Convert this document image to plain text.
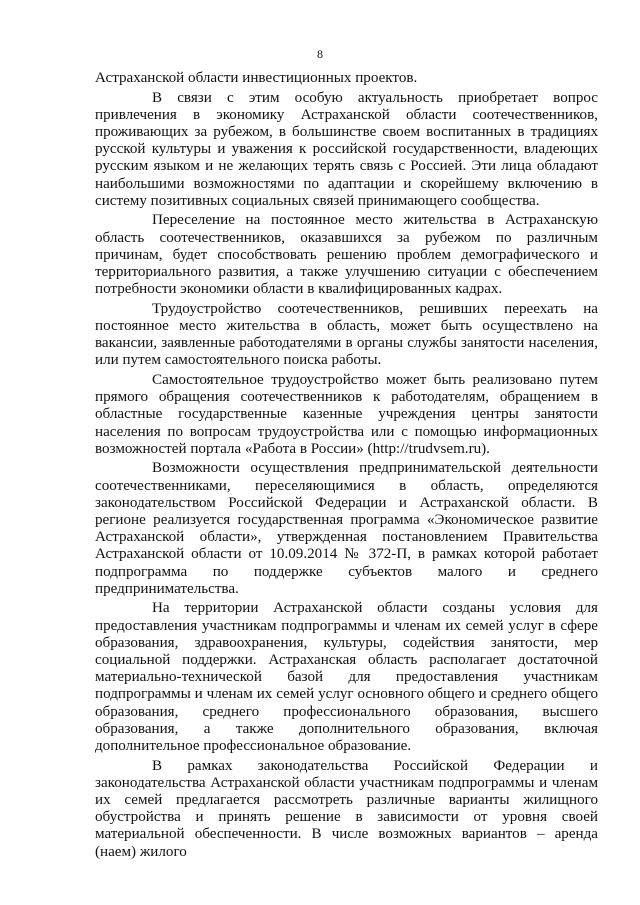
8

Астраханской области инвестиционных проектов.

В связи с этим особую актуальность приобретает вопрос привлечения в экономику Астраханской области соотечественников, проживающих за рубежом, в большинстве своем воспитанных в традициях русской культуры и уважения к российской государственности, владеющих русским языком и не желающих терять связь с Россией. Эти лица обладают наибольшими возможностями по адаптации и скорейшему включению в систему позитивных социальных связей принимающего сообщества.

Переселение на постоянное место жительства в Астраханскую область соотечественников, оказавшихся за рубежом по различным причинам, будет способствовать решению проблем демографического и территориального развития, а также улучшению ситуации с обеспечением потребности экономики области в квалифицированных кадрах.

Трудоустройство соотечественников, решивших переехать на постоянное место жительства в область, может быть осуществлено на вакансии, заявленные работодателями в органы службы занятости населения, или путем самостоятельного поиска работы.

Самостоятельное трудоустройство может быть реализовано путем прямого обращения соотечественников к работодателям, обращением в областные государственные казенные учреждения центры занятости населения по вопросам трудоустройства или с помощью информационных возможностей портала «Работа в России» (http://trudvsem.ru).

Возможности осуществления предпринимательской деятельности соотечественниками, переселяющимися в область, определяются законодательством Российской Федерации и Астраханской области. В регионе реализуется государственная программа «Экономическое развитие Астраханской области», утвержденная постановлением Правительства Астраханской области от 10.09.2014 № 372-П, в рамках которой работает подпрограмма по поддержке субъектов малого и среднего предпринимательства.

На территории Астраханской области созданы условия для предоставления участникам подпрограммы и членам их семей услуг в сфере образования, здравоохранения, культуры, содействия занятости, мер социальной поддержки. Астраханская область располагает достаточной материально-технической базой для предоставления участникам подпрограммы и членам их семей услуг основного общего и среднего общего образования, среднего профессионального образования, высшего образования, а также дополнительного образования, включая дополнительное профессиональное образование.

В рамках законодательства Российской Федерации и законодательства Астраханской области участникам подпрограммы и членам их семей предлагается рассмотреть различные варианты жилищного обустройства и принять решение в зависимости от уровня своей материальной обеспеченности. В числе возможных вариантов – аренда (наем) жилого
